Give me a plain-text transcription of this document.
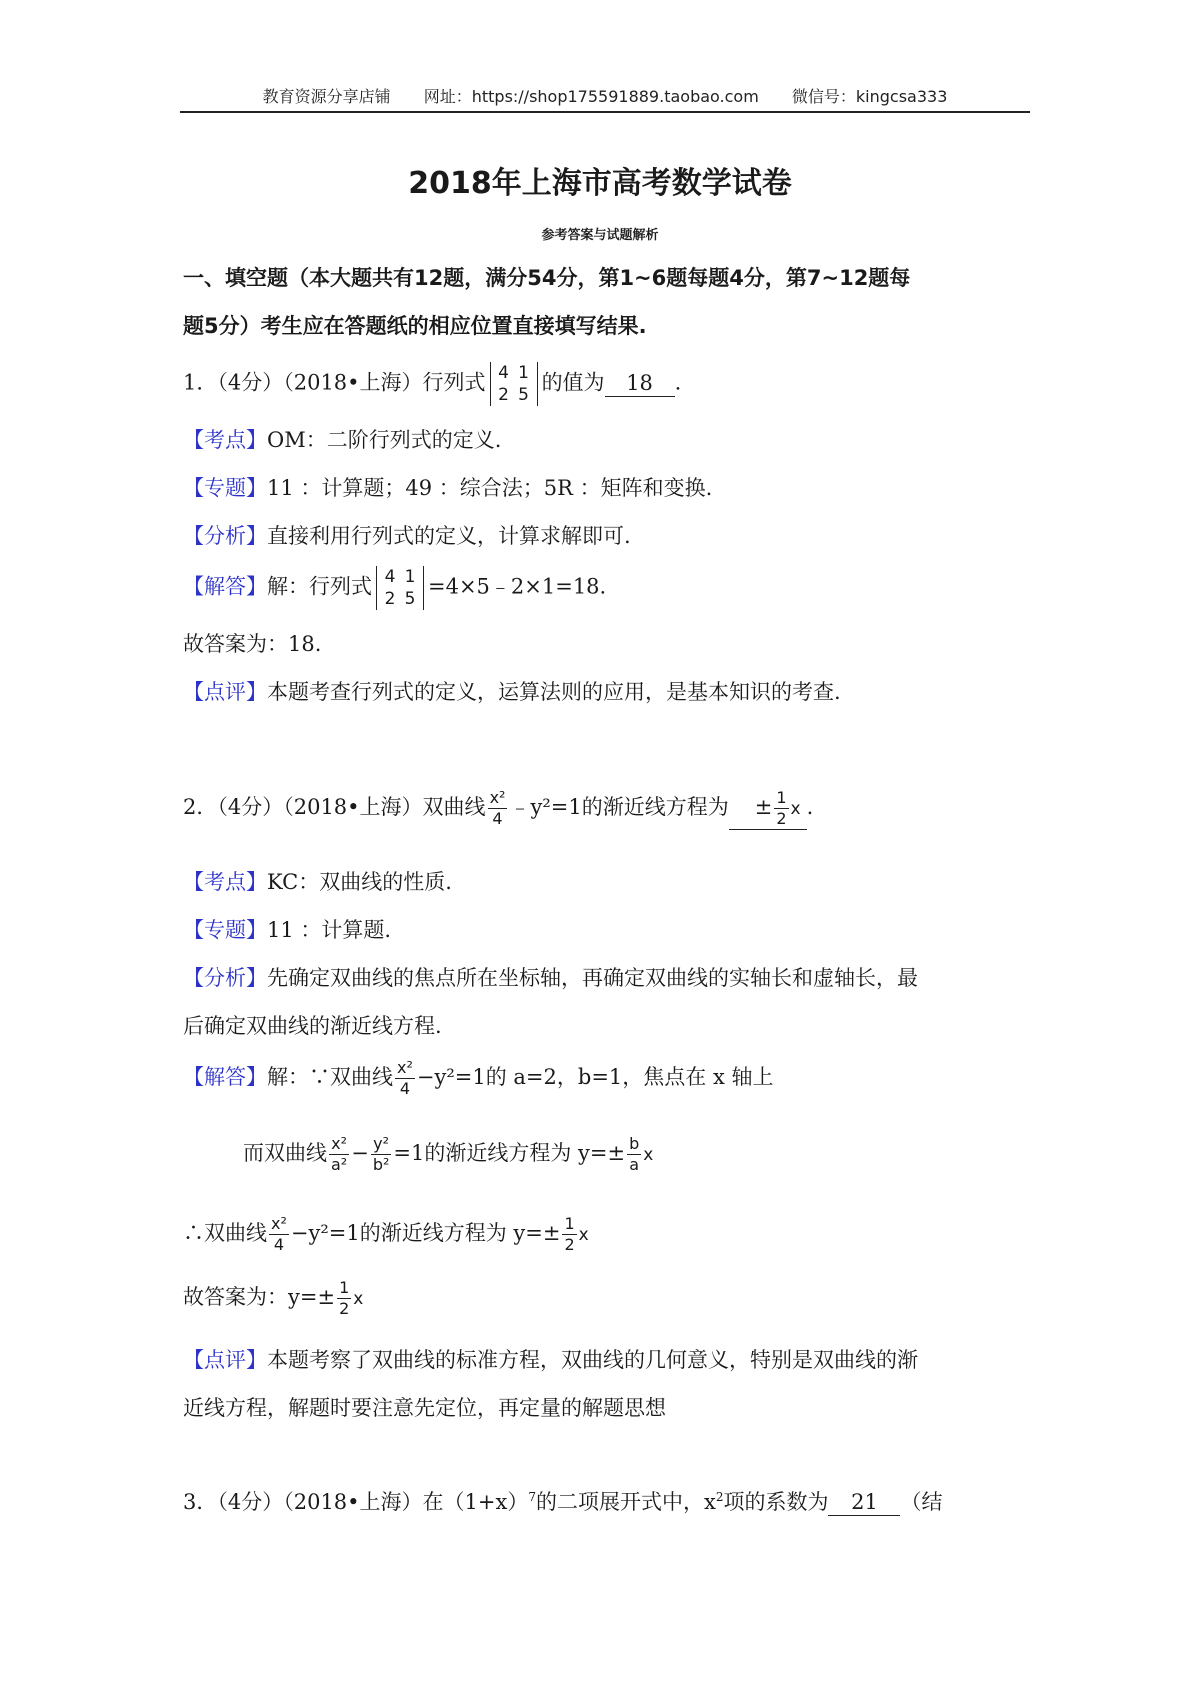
教育资源分享店铺 网址：https://shop175591889.taobao.com 微信号：kingcsa333
2018年上海市高考数学试卷
参考答案与试题解析
一、填空题（本大题共有12题，满分54分，第1~6题每题4分，第7~12题每
题5分）考生应在答题纸的相应位置直接填写结果.
1．（4分）（2018•上海）行列式 4 1
2 5
的值为 18 .
【考点】OM：二阶行列式的定义.
【专题】11 ：计算题；49 ：综合法；5R ：矩阵和变换.
【分析】直接利用行列式的定义，计算求解即可.
【解答】解：行列式 4 1
2 5
=4×5﹣2×1=18.
故答案为：18.
【点评】本题考查行列式的定义，运算法则的应用，是基本知识的考查.
2．（4分）（2018•上海）双曲线 $\frac{\text{x²}}{4}$ ﹣y²=1的渐近线方程为 ± $\frac{1}{2}$ x .
【考点】KC：双曲线的性质.
【专题】11 ：计算题.
【分析】先确定双曲线的焦点所在坐标轴，再确定双曲线的实轴长和虚轴长，最
后确定双曲线的渐近线方程.
【解答】解：∵双曲线 $\frac{\text{x²}}{4} -y^2=1$的 a=2，b=1，焦点在 x 轴上
而双曲线 $\frac{\text{x²}}{\text{a²}} - \frac{\text{y²}}{\text{b²}} =1$的渐近线方程为 $y=\pm \frac{b}{a}$ x
∴双曲线 $\frac{\text{x²}}{4} -y^2=1$的渐近线方程为 $y=\pm \frac{1}{2}$ x
故答案为：$y=\pm \frac{1}{2}$ x
【点评】本题考察了双曲线的标准方程，双曲线的几何意义，特别是双曲线的渐
近线方程，解题时要注意先定位，再定量的解题思想
3．（4分）（2018•上海）在$(1+x)^7$的二项展开式中，$x^2$项的系数为 21 （结
